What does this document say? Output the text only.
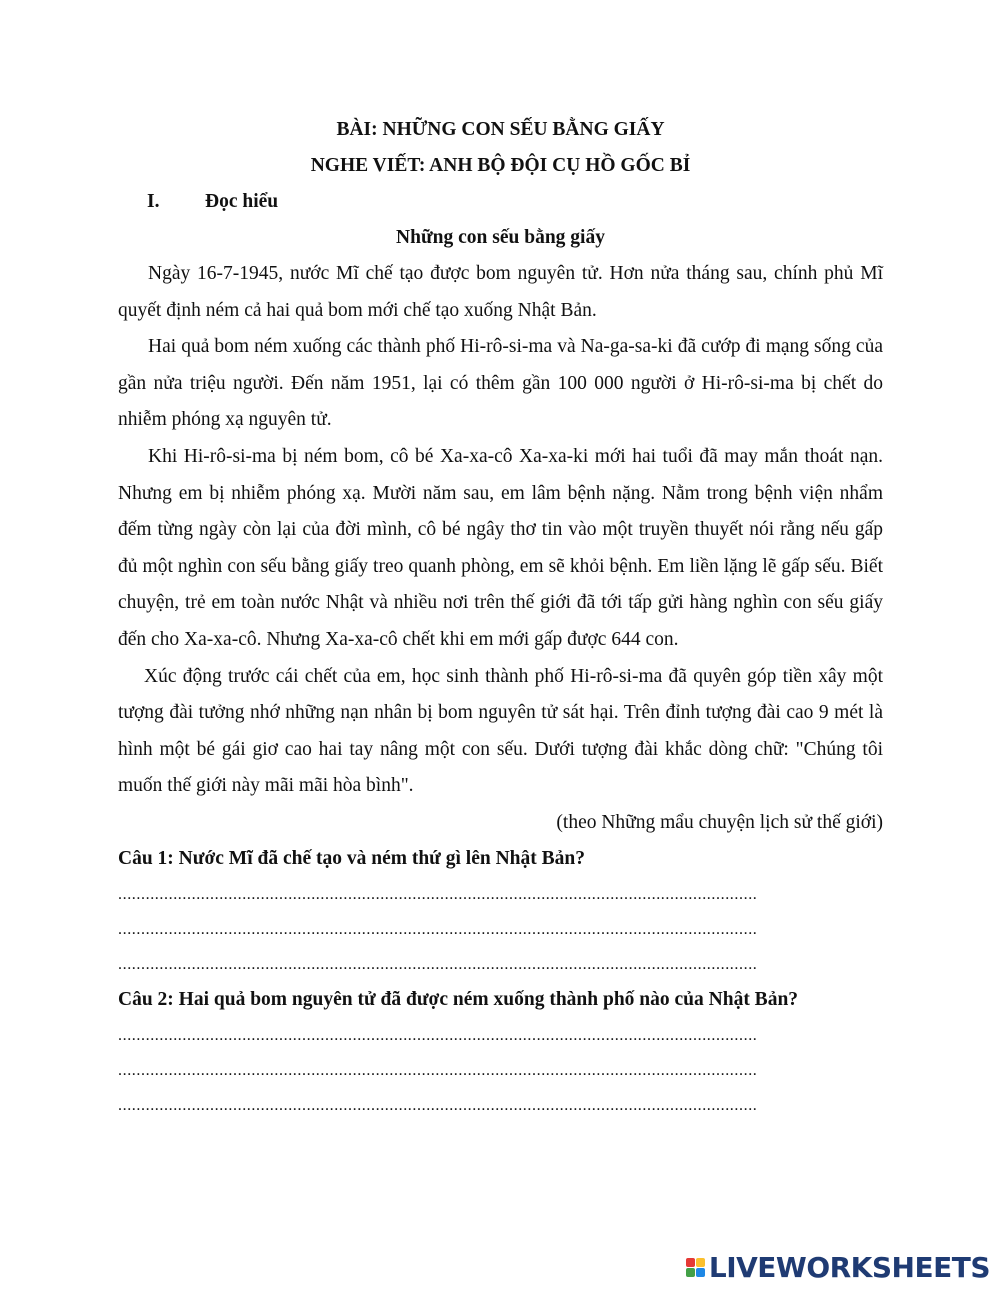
BÀI: NHỮNG CON SẾU BẰNG GIẤY

NGHE VIẾT: ANH BỘ ĐỘI CỤ HỒ GỐC BỈ

I. Đọc hiểu

Những con sếu bằng giấy

Ngày 16-7-1945, nước Mĩ chế tạo được bom nguyên tử. Hơn nửa tháng sau, chính phủ Mĩ quyết định ném cả hai quả bom mới chế tạo xuống Nhật Bản.

Hai quả bom ném xuống các thành phố Hi-rô-si-ma và Na-ga-sa-ki đã cướp đi mạng sống của gần nửa triệu người. Đến năm 1951, lại có thêm gần 100 000 người ở Hi-rô-si-ma bị chết do nhiễm phóng xạ nguyên tử.

Khi Hi-rô-si-ma bị ném bom, cô bé Xa-xa-cô Xa-xa-ki mới hai tuổi đã may mắn thoát nạn. Nhưng em bị nhiễm phóng xạ. Mười năm sau, em lâm bệnh nặng. Nằm trong bệnh viện nhẩm đếm từng ngày còn lại của đời mình, cô bé ngây thơ tin vào một truyền thuyết nói rằng nếu gấp đủ một nghìn con sếu bằng giấy treo quanh phòng, em sẽ khỏi bệnh. Em liền lặng lẽ gấp sếu. Biết chuyện, trẻ em toàn nước Nhật và nhiều nơi trên thế giới đã tới tấp gửi hàng nghìn con sếu giấy đến cho Xa-xa-cô. Nhưng Xa-xa-cô chết khi em mới gấp được 644 con.

Xúc động trước cái chết của em, học sinh thành phố Hi-rô-si-ma đã quyên góp tiền xây một tượng đài tưởng nhớ những nạn nhân bị bom nguyên tử sát hại. Trên đỉnh tượng đài cao 9 mét là hình một bé gái giơ cao hai tay nâng một con sếu. Dưới tượng đài khắc dòng chữ: "Chúng tôi muốn thế giới này mãi mãi hòa bình".

(theo Những mẩu chuyện lịch sử thế giới)

Câu 1: Nước Mĩ đã chế tạo và ném thứ gì lên Nhật Bản?

...........................................................................................................................................
...........................................................................................................................................
...........................................................................................................................................

Câu 2: Hai quả bom nguyên tử đã được ném xuống thành phố nào của Nhật Bản?

...........................................................................................................................................
...........................................................................................................................................
...........................................................................................................................................
LIVEWORKSHEETS
